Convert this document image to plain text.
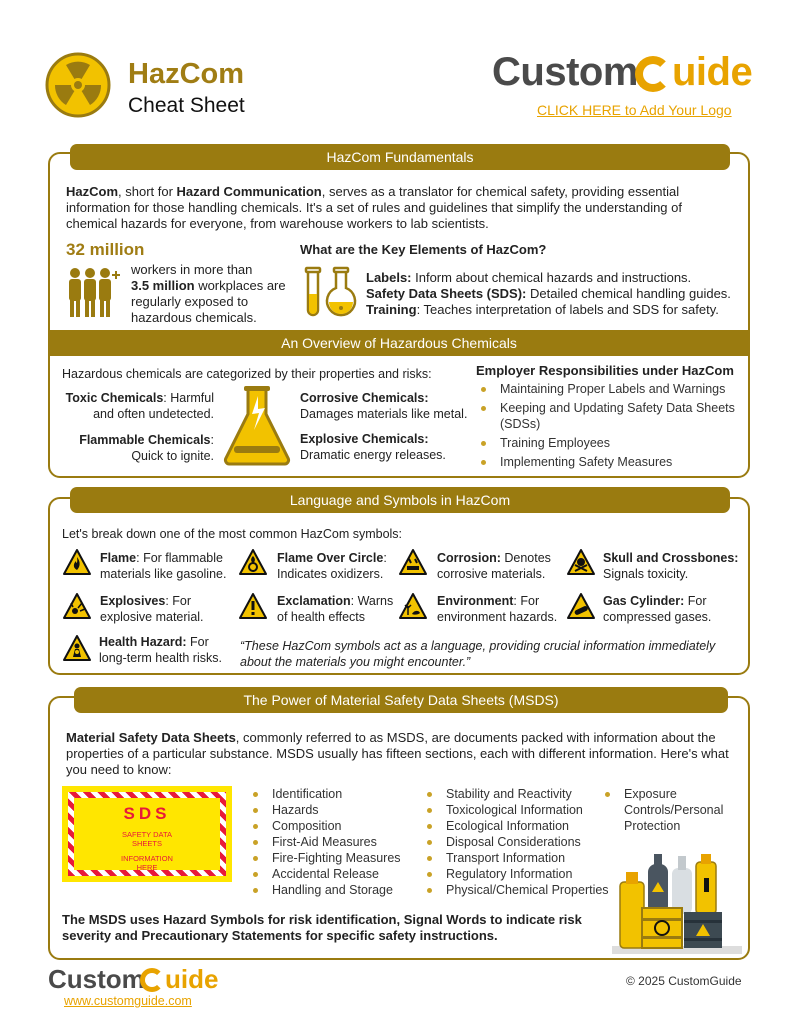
HazCom
Cheat Sheet
Custom uide
CLICK HERE to Add Your Logo
HazCom Fundamentals
HazCom, short for Hazard Communication, serves as a translator for chemical safety, providing essential information for those handling chemicals. It's a set of rules and guidelines that simplify the understanding of chemical hazards for everyone, from warehouse workers to lab scientists.
32 million
workers in more than
3.5 million workplaces are regularly exposed to hazardous chemicals.
What are the Key Elements of HazCom?
Labels: Inform about chemical hazards and instructions.
Safety Data Sheets (SDS): Detailed chemical handling guides.
Training: Teaches interpretation of labels and SDS for safety.
An Overview of Hazardous Chemicals
Hazardous chemicals are categorized by their properties and risks:
Toxic Chemicals: Harmful and often undetected.
Flammable Chemicals: Quick to ignite.
Corrosive Chemicals:
Damages materials like metal.
Explosive Chemicals:
Dramatic energy releases.
Employer Responsibilities under HazCom
Maintaining Proper Labels and Warnings
Keeping and Updating Safety Data Sheets (SDSs)
Training Employees
Implementing Safety Measures
Language and Symbols in HazCom
Let's break down one of the most common HazCom symbols:
Flame: For flammable materials like gasoline.
Flame Over Circle: Indicates oxidizers.
Corrosion: Denotes corrosive materials.
Skull and Crossbones: Signals toxicity.
Explosives: For explosive material.
Exclamation: Warns of health effects
Environment: For environment hazards.
Gas Cylinder: For compressed gases.
Health Hazard: For long-term health risks.
“These HazCom symbols act as a language, providing crucial information immediately about the materials you might encounter.”
The Power of Material Safety Data Sheets (MSDS)
Material Safety Data Sheets, commonly referred to as MSDS, are documents packed with information about the properties of a particular substance. MSDS usually has fifteen sections, each with different information. Here's what you need to know:
SDS
SAFETY DATA
SHEETS
INFORMATION
HERE
Identification
Hazards
Composition
First-Aid Measures
Fire-Fighting Measures
Accidental Release
Handling and Storage
Stability and Reactivity
Toxicological Information
Ecological Information
Disposal Considerations
Transport Information
Regulatory Information
Physical/Chemical Properties
Exposure Controls/Personal Protection
The MSDS uses Hazard Symbols for risk identification, Signal Words to indicate risk severity and Precautionary Statements for specific safety instructions.
Custom uide
www.customguide.com
© 2025 CustomGuide
